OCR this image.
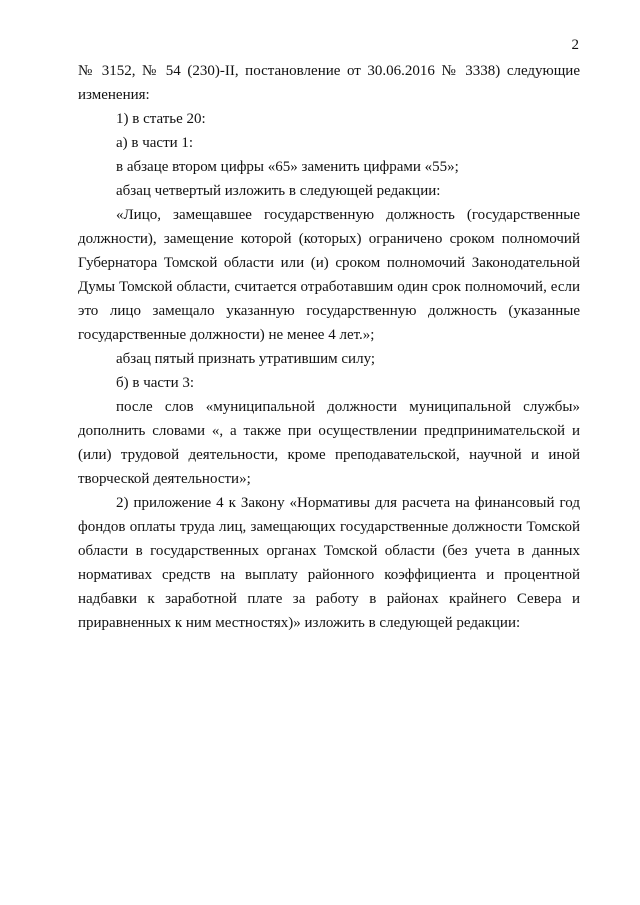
2

№ 3152, № 54 (230)-II, постановление от 30.06.2016 № 3338) следующие изменения:

1) в статье 20:

а) в части 1:

в абзаце втором цифры «65» заменить цифрами «55»;

абзац четвертый изложить в следующей редакции:

«Лицо, замещавшее государственную должность (государственные должности), замещение которой (которых) ограничено сроком полномочий Губернатора Томской области или (и) сроком полномочий Законодательной Думы Томской области, считается отработавшим один срок полномочий, если это лицо замещало указанную государственную должность (указанные государственные должности) не менее 4 лет.»;

абзац пятый признать утратившим силу;

б) в части 3:

после слов «муниципальной должности муниципальной службы» дополнить словами «, а также при осуществлении предпринимательской и (или) трудовой деятельности, кроме преподавательской, научной и иной творческой деятельности»;

2) приложение 4 к Закону «Нормативы для расчета на финансовый год фондов оплаты труда лиц, замещающих государственные должности Томской области в государственных органах Томской области (без учета в данных нормативах средств на выплату районного коэффициента и процентной надбавки к заработной плате за работу в районах крайнего Севера и приравненных к ним местностях)» изложить в следующей редакции:
